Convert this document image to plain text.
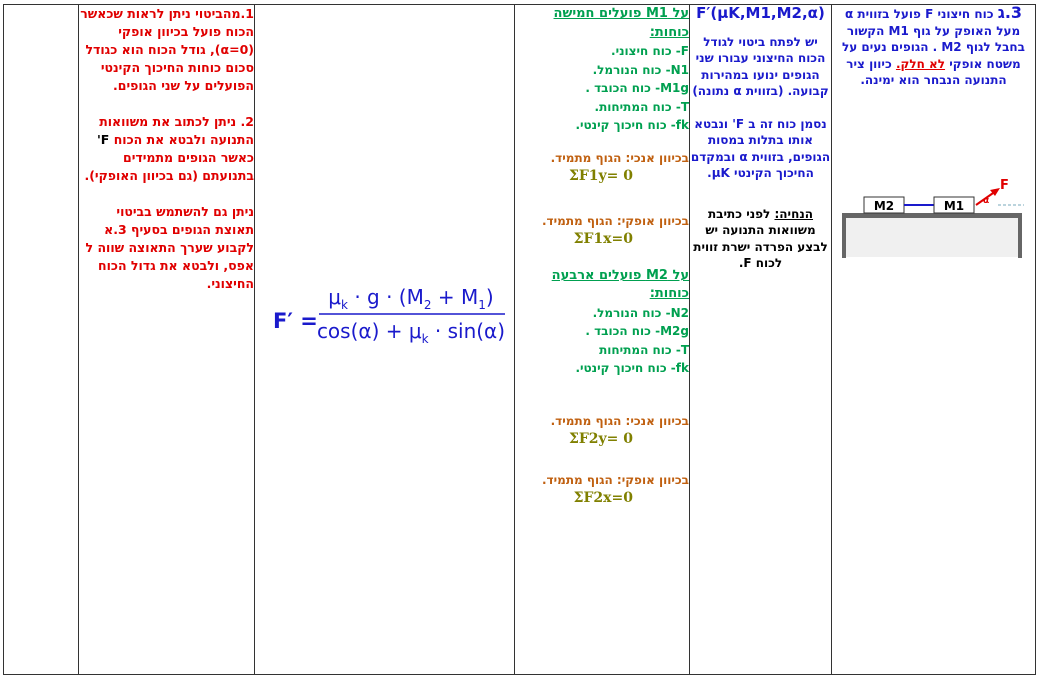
1.מהביטוי ניתן לראות שכאשר הכוח פועל בכיוון אופקי (α=0), גודל הכוח הוא כגודל סכום כוחות החיכוך הקינטי הפועלים על שני הגופים.

2. ניתן לכתוב את משוואות התנועה ולבטא את הכוח F' כאשר הגופים מתמידים בתנועתם (גם בכיוון האופקי).

ניתן גם להשתמש בביטוי תאוצת הגופים בסעיף 3.א לקבוע שערך התאוצה שווה ל אפס, ולבטא את גדול הכוח החיצוני.

F′ =
$\mu_k \cdot g \cdot (M_2 + M_1)$
$\cos(\alpha) + \mu_k \cdot \sin(\alpha)$

על M1 פועלים חמישה כוחות:
F- כוח חיצוני.
N1- כוח הנורמל.
M1g- כוח הכובד .
T- כוח המתיחות.
fk- כוח חיכוך קינטי.
בכיוון אנכי: הגוף מתמיד.
ΣF1y= 0
בכיוון אופקי: הגוף מתמיד.
ΣF1x=0
על M2 פועלים ארבעה כוחות:
N2- כוח הנורמל.
M2g- כוח הכובד .
T- כוח המתיחות
fk- כוח חיכוך קינטי.
בכיוון אנכי: הגוף מתמיד.
ΣF2y= 0
בכיוון אופקי: הגוף מתמיד.
ΣF2x=0

F′(μK,M1,M2,α)
יש לפתח ביטוי לגודל הכוח החיצוני עבורו שני הגופים ינועו במהירות קבועה. (בזווית α נתונה)
נסמן כוח זה ב F' ונבטא אותו בתלות במסות הגופים, בזווית α ובמקדם החיכוך הקינטי μK.
הנחיה: לפני כתיבת משוואות התנועה יש לבצע הפרדה ישרת זווית לכוח F.
	3.ג כוח חיצוני F פועל בזווית α מעל האופק על גוף M1 הקשור בחבל לגוף M2 . הגופים נעים על משטח אופקי לא חלק. כיוון ציר התנועה הנבחר הוא ימינה.
M2	M1
F
α
